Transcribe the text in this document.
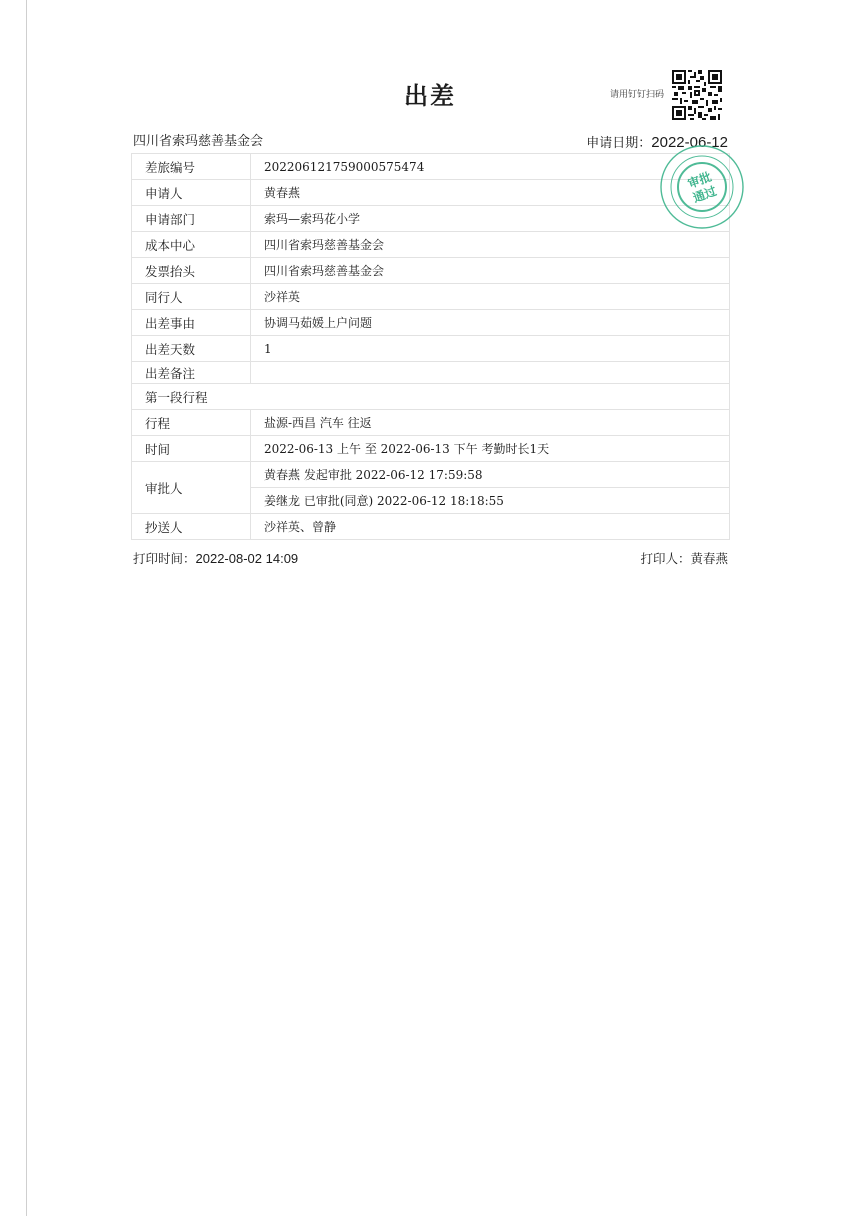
出差	请用钉钉扫码
四川省索玛慈善基金会	申请日期：2022-06-12
差旅编号	202206121759000575474
申请人	黄春燕
申请部门	索玛—索玛花小学
成本中心	四川省索玛慈善基金会
发票抬头	四川省索玛慈善基金会
同行人	沙祥英
出差事由	协调马茹媛上户问题
出差天数	1
出差备注	
第一段行程	
行程	盐源-西昌 汽车 往返
时间	2022-06-13 上午 至 2022-06-13 下午 考勤时长1天
审批人	黄春燕 发起审批 2022-06-12 17:59:58
	姜继龙 已审批(同意) 2022-06-12 18:18:55
抄送人	沙祥英、曾静
审批
通过
打印时间：2022-08-02 14:09	打印人：黄春燕
